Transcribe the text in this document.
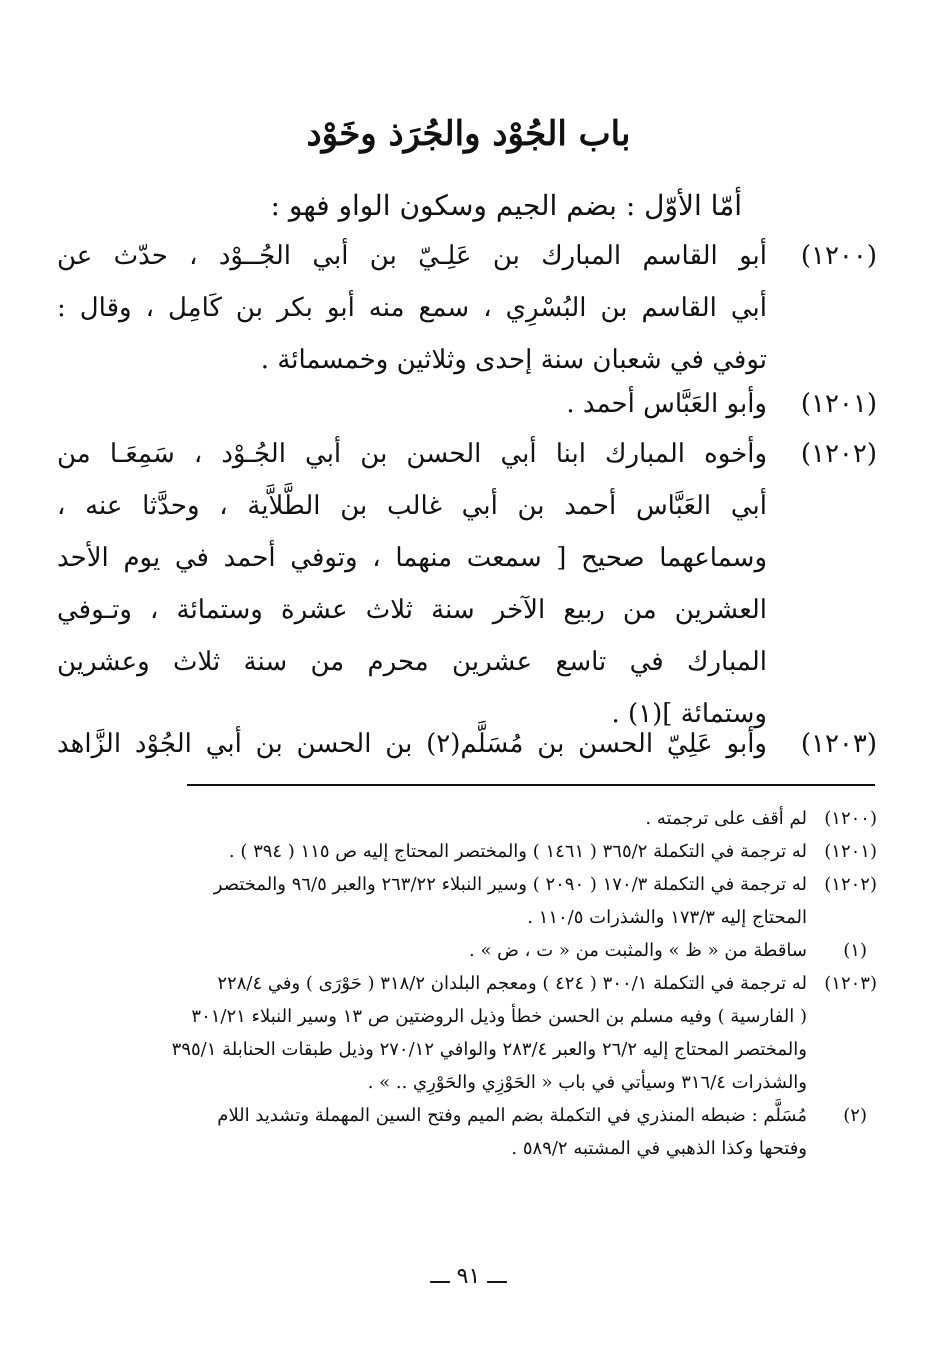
باب الجُوْد والجُرَذ وخَوْد
أمّا الأوّل : بضم الجيم وسكون الواو فهو :
(١٢٠٠)
أبو القاسم المبارك بن عَلِـيّ بن أبي الجُــوْد ، حدّث عن
أبي القاسم بن البُسْرِي ، سمع منه أبو بكر بن كَامِل ، وقال :
توفي في شعبان سنة إحدى وثلاثين وخمسمائة .
(١٢٠١)
وأبو العَبَّاس أحمد .
(١٢٠٢)
وأخوه المبارك ابنا أبي الحسن بن أبي الجُـوْد ، سَمِعَـا من
أبي العَبَّاس أحمد بن أبي غالب بن الطَّلاَّية ، وحدَّثا عنه ،
وسماعهما صحيح [ سمعت منهما ، وتوفي أحمد في يوم الأحد
العشرين من ربيع الآخر سنة ثلاث عشرة وستمائة ، وتـوفي
المبارك في تاسع عشرين محرم من سنة ثلاث وعشرين
وستمائة ](١) .
(١٢٠٣)
وأبو عَلِيّ الحسن بن مُسَلَّم(٢) بن الحسن بن أبي الجُوْد الزَّاهد
(١٢٠٠)
لم أقف على ترجمته .
(١٢٠١)
له ترجمة في التكملة ٣٦٥/٢ ( ١٤٦١ ) والمختصر المحتاج إليه ص ١١٥ ( ٣٩٤ ) .
(١٢٠٢)
له ترجمة في التكملة ١٧٠/٣ ( ٢٠٩٠ ) وسير النبلاء ٢٦٣/٢٢ والعبر ٩٦/٥ والمختصر
المحتاج إليه ١٧٣/٣ والشذرات ١١٠/٥ .
(١)
ساقطة من « ظ » والمثبت من « ت ، ض » .
(١٢٠٣)
له ترجمة في التكملة ٣٠٠/١ ( ٤٢٤ ) ومعجم البلدان ٣١٨/٢ ( حَوْرَى ) وفي ٢٢٨/٤
( الفارسية ) وفيه مسلم بن الحسن خطأ وذيل الروضتين ص ١٣ وسير النبلاء ٣٠١/٢١
والمختصر المحتاج إليه ٢٦/٢ والعبر ٢٨٣/٤ والوافي ٢٧٠/١٢ وذيل طبقات الحنابلة ٣٩٥/١
والشذرات ٣١٦/٤ وسيأتي في باب « الحَوْزِي والحَوْرِي .. » .
(٢)
مُسَلَّم : ضبطه المنذري في التكملة بضم الميم وفتح السين المهملة وتشديد اللام
وفتحها وكذا الذهبي في المشتبه ٥٨٩/٢ .
ـــ ٩١ ـــ
